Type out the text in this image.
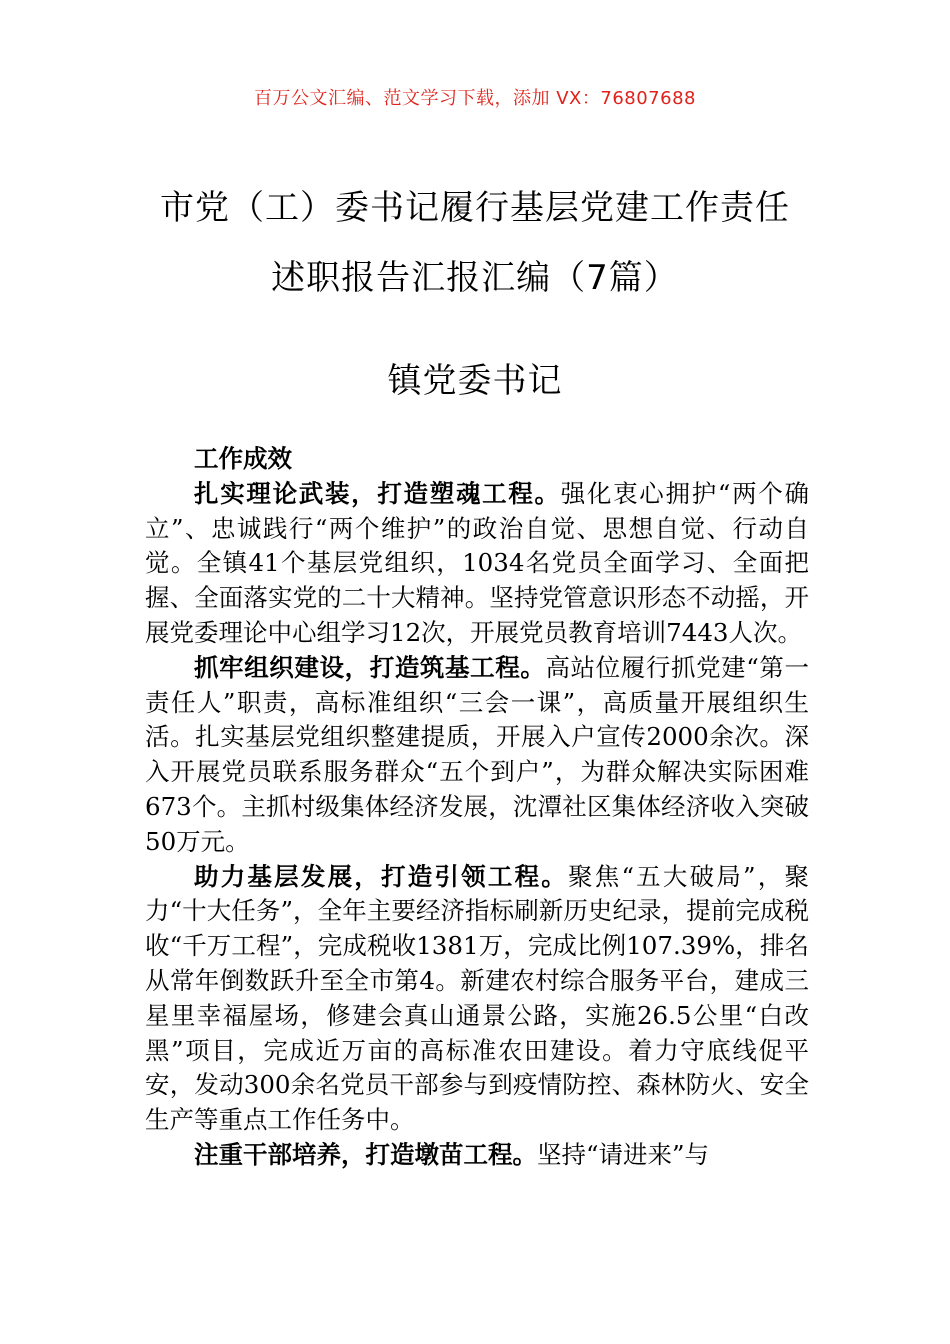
百万公文汇编、范文学习下载，添加 VX：76807688
市党（工）委书记履行基层党建工作责任
述职报告汇报汇编（7篇）
镇党委书记

工作成效

扎实理论武装，打造塑魂工程。强化衷心拥护“两个确立”、忠诚践行“两个维护”的政治自觉、思想自觉、行动自觉。全镇41个基层党组织，1034名党员全面学习、全面把握、全面落实党的二十大精神。坚持党管意识形态不动摇，开展党委理论中心组学习12次，开展党员教育培训7443人次。

抓牢组织建设，打造筑基工程。高站位履行抓党建“第一责任人”职责，高标准组织“三会一课”，高质量开展组织生活。扎实基层党组织整建提质，开展入户宣传2000余次。深入开展党员联系服务群众“五个到户”，为群众解决实际困难673个。主抓村级集体经济发展，沈潭社区集体经济收入突破50万元。

助力基层发展，打造引领工程。聚焦“五大破局”，聚力“十大任务”，全年主要经济指标刷新历史纪录，提前完成税收“千万工程”，完成税收1381万，完成比例107.39%，排名从常年倒数跃升至全市第4。新建农村综合服务平台，建成三星里幸福屋场，修建会真山通景公路，实施26.5公里“白改黑”项目，完成近万亩的高标准农田建设。着力守底线促平安，发动300余名党员干部参与到疫情防控、森林防火、安全生产等重点工作任务中。

注重干部培养，打造墩苗工程。坚持“请进来”与
